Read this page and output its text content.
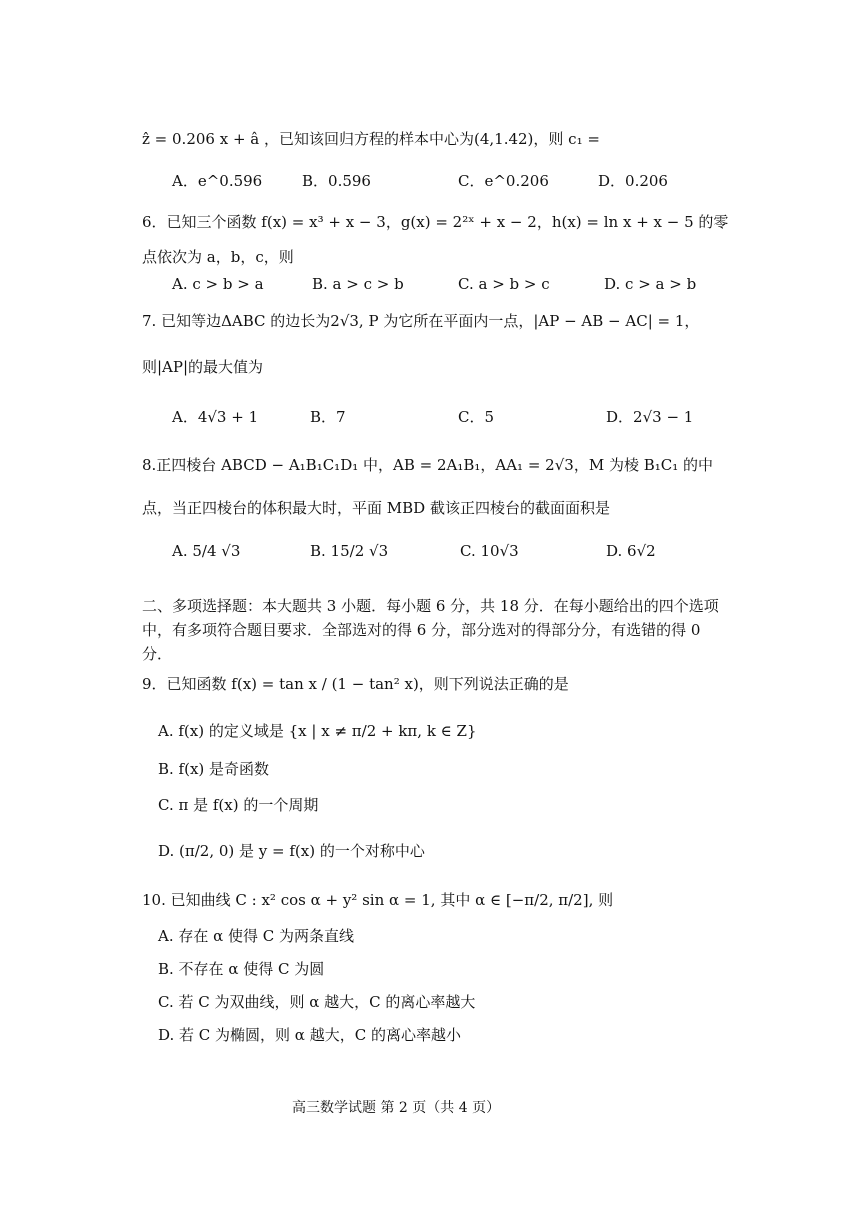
ẑ = 0.206 x + â ，已知该回归方程的样本中心为(4,1.42)，则 c₁ =
A．e^0.596	B．0.596	C．e^0.206	D．0.206
6．已知三个函数 f(x) = x³ + x − 3，g(x) = 2²ˣ + x − 2，h(x) = ln x + x − 5 的零
点依次为 a，b，c，则
A. c > b > a	B. a > c > b	C. a > b > c	D. c > a > b
7. 已知等边ΔABC 的边长为2√3, P 为它所在平面内一点，|AP − AB − AC| = 1，
则|AP|的最大值为
A．4√3 + 1	B．7	C．5	D．2√3 − 1
8.正四棱台 ABCD − A₁B₁C₁D₁ 中，AB = 2A₁B₁，AA₁ = 2√3，M 为棱 B₁C₁ 的中
点，当正四棱台的体积最大时，平面 MBD 截该正四棱台的截面面积是
A. 5/4 √3	B. 15/2 √3	C. 10√3	D. 6√2
二、多项选择题：本大题共 3 小题．每小题 6 分，共 18 分．在每小题给出的四个选项中，有多项符合题目要求．全部选对的得 6 分，部分选对的得部分分，有选错的得 0 分．
9．已知函数 f(x) = tan x / (1 − tan² x)，则下列说法正确的是
A. f(x) 的定义域是 {x | x ≠ π/2 + kπ, k ∈ Z}
B. f(x) 是奇函数
C. π 是 f(x) 的一个周期
D. (π/2, 0) 是 y = f(x) 的一个对称中心
10. 已知曲线 C : x² cos α + y² sin α = 1, 其中 α ∈ [−π/2, π/2], 则
A. 存在 α 使得 C 为两条直线
B. 不存在 α 使得 C 为圆
C. 若 C 为双曲线，则 α 越大，C 的离心率越大
D. 若 C 为椭圆，则 α 越大，C 的离心率越小
高三数学试题 第 2 页（共 4 页）
